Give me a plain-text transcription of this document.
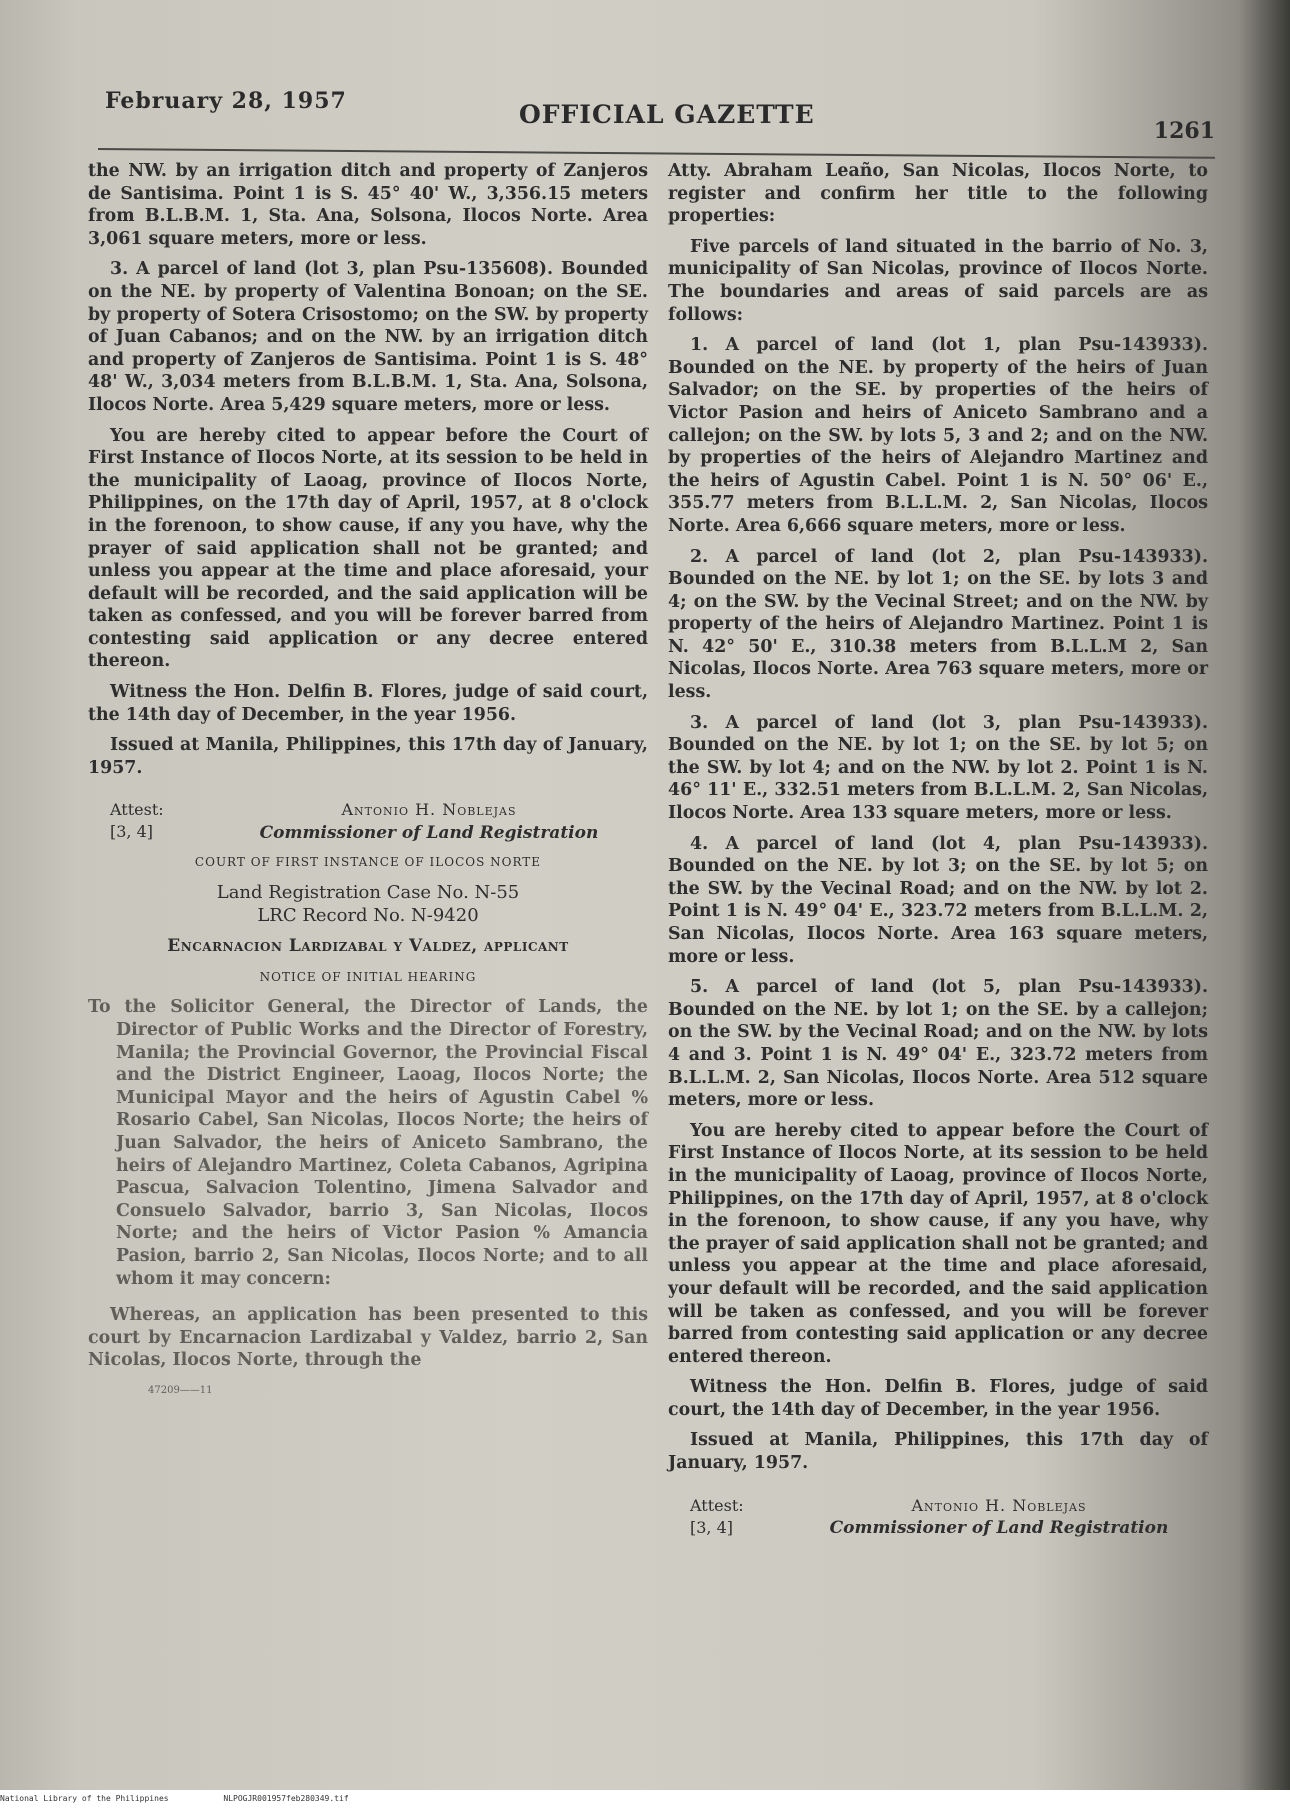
February 28, 1957	OFFICIAL GAZETTE
1261

the NW. by an irrigation ditch and property of Zanjeros de Santisima. Point 1 is S. 45° 40' W., 3,356.15 meters from B.L.B.M. 1, Sta. Ana, Solsona, Ilocos Norte. Area 3,061 square meters, more or less.

3. A parcel of land (lot 3, plan Psu-135608). Bounded on the NE. by property of Valentina Bonoan; on the SE. by property of Sotera Crisostomo; on the SW. by property of Juan Cabanos; and on the NW. by an irrigation ditch and property of Zanjeros de Santisima. Point 1 is S. 48° 48' W., 3,034 meters from B.L.B.M. 1, Sta. Ana, Solsona, Ilocos Norte. Area 5,429 square meters, more or less.

You are hereby cited to appear before the Court of First Instance of Ilocos Norte, at its session to be held in the municipality of Laoag, province of Ilocos Norte, Philippines, on the 17th day of April, 1957, at 8 o'clock in the forenoon, to show cause, if any you have, why the prayer of said application shall not be granted; and unless you appear at the time and place aforesaid, your default will be recorded, and the said application will be taken as confessed, and you will be forever barred from contesting said application or any decree entered thereon.

Witness the Hon. Delfin B. Flores, judge of said court, the 14th day of December, in the year 1956.

Issued at Manila, Philippines, this 17th day of January, 1957.

Attest:
[3, 4]
Antonio H. Noblejas
Commissioner of Land Registration

COURT OF FIRST INSTANCE OF ILOCOS NORTE

Land Registration Case No. N-55

LRC Record No. N-9420

Encarnacion Lardizabal y Valdez, applicant

NOTICE OF INITIAL HEARING

To the Solicitor General, the Director of Lands, the Director of Public Works and the Director of Forestry, Manila; the Provincial Governor, the Provincial Fiscal and the District Engineer, Laoag, Ilocos Norte; the Municipal Mayor and the heirs of Agustin Cabel % Rosario Cabel, San Nicolas, Ilocos Norte; the heirs of Juan Salvador, the heirs of Aniceto Sambrano, the heirs of Alejandro Martinez, Coleta Cabanos, Agripina Pascua, Salvacion Tolentino, Jimena Salvador and Consuelo Salvador, barrio 3, San Nicolas, Ilocos Norte; and the heirs of Victor Pasion % Amancia Pasion, barrio 2, San Nicolas, Ilocos Norte; and to all whom it may concern:

Whereas, an application has been presented to this court by Encarnacion Lardizabal y Valdez, barrio 2, San Nicolas, Ilocos Norte, through the

47209——11

Atty. Abraham Leaño, San Nicolas, Ilocos Norte, to register and confirm her title to the following properties:

Five parcels of land situated in the barrio of No. 3, municipality of San Nicolas, province of Ilocos Norte. The boundaries and areas of said parcels are as follows:

1. A parcel of land (lot 1, plan Psu-143933). Bounded on the NE. by property of the heirs of Juan Salvador; on the SE. by properties of the heirs of Victor Pasion and heirs of Aniceto Sambrano and a callejon; on the SW. by lots 5, 3 and 2; and on the NW. by properties of the heirs of Alejandro Martinez and the heirs of Agustin Cabel. Point 1 is N. 50° 06' E., 355.77 meters from B.L.L.M. 2, San Nicolas, Ilocos Norte. Area 6,666 square meters, more or less.

2. A parcel of land (lot 2, plan Psu-143933). Bounded on the NE. by lot 1; on the SE. by lots 3 and 4; on the SW. by the Vecinal Street; and on the NW. by property of the heirs of Alejandro Martinez. Point 1 is N. 42° 50' E., 310.38 meters from B.L.L.M 2, San Nicolas, Ilocos Norte. Area 763 square meters, more or less.

3. A parcel of land (lot 3, plan Psu-143933). Bounded on the NE. by lot 1; on the SE. by lot 5; on the SW. by lot 4; and on the NW. by lot 2. Point 1 is N. 46° 11' E., 332.51 meters from B.L.L.M. 2, San Nicolas, Ilocos Norte. Area 133 square meters, more or less.

4. A parcel of land (lot 4, plan Psu-143933). Bounded on the NE. by lot 3; on the SE. by lot 5; on the SW. by the Vecinal Road; and on the NW. by lot 2. Point 1 is N. 49° 04' E., 323.72 meters from B.L.L.M. 2, San Nicolas, Ilocos Norte. Area 163 square meters, more or less.

5. A parcel of land (lot 5, plan Psu-143933). Bounded on the NE. by lot 1; on the SE. by a callejon; on the SW. by the Vecinal Road; and on the NW. by lots 4 and 3. Point 1 is N. 49° 04' E., 323.72 meters from B.L.L.M. 2, San Nicolas, Ilocos Norte. Area 512 square meters, more or less.

You are hereby cited to appear before the Court of First Instance of Ilocos Norte, at its session to be held in the municipality of Laoag, province of Ilocos Norte, Philippines, on the 17th day of April, 1957, at 8 o'clock in the forenoon, to show cause, if any you have, why the prayer of said application shall not be granted; and unless you appear at the time and place aforesaid, your default will be recorded, and the said application will be taken as confessed, and you will be forever barred from contesting said application or any decree entered thereon.

Witness the Hon. Delfin B. Flores, judge of said court, the 14th day of December, in the year 1956.

Issued at Manila, Philippines, this 17th day of January, 1957.

Attest:
[3, 4]
Antonio H. Noblejas
Commissioner of Land Registration
National Library of the Philippines	NLPOGJR001957feb280349.tif
